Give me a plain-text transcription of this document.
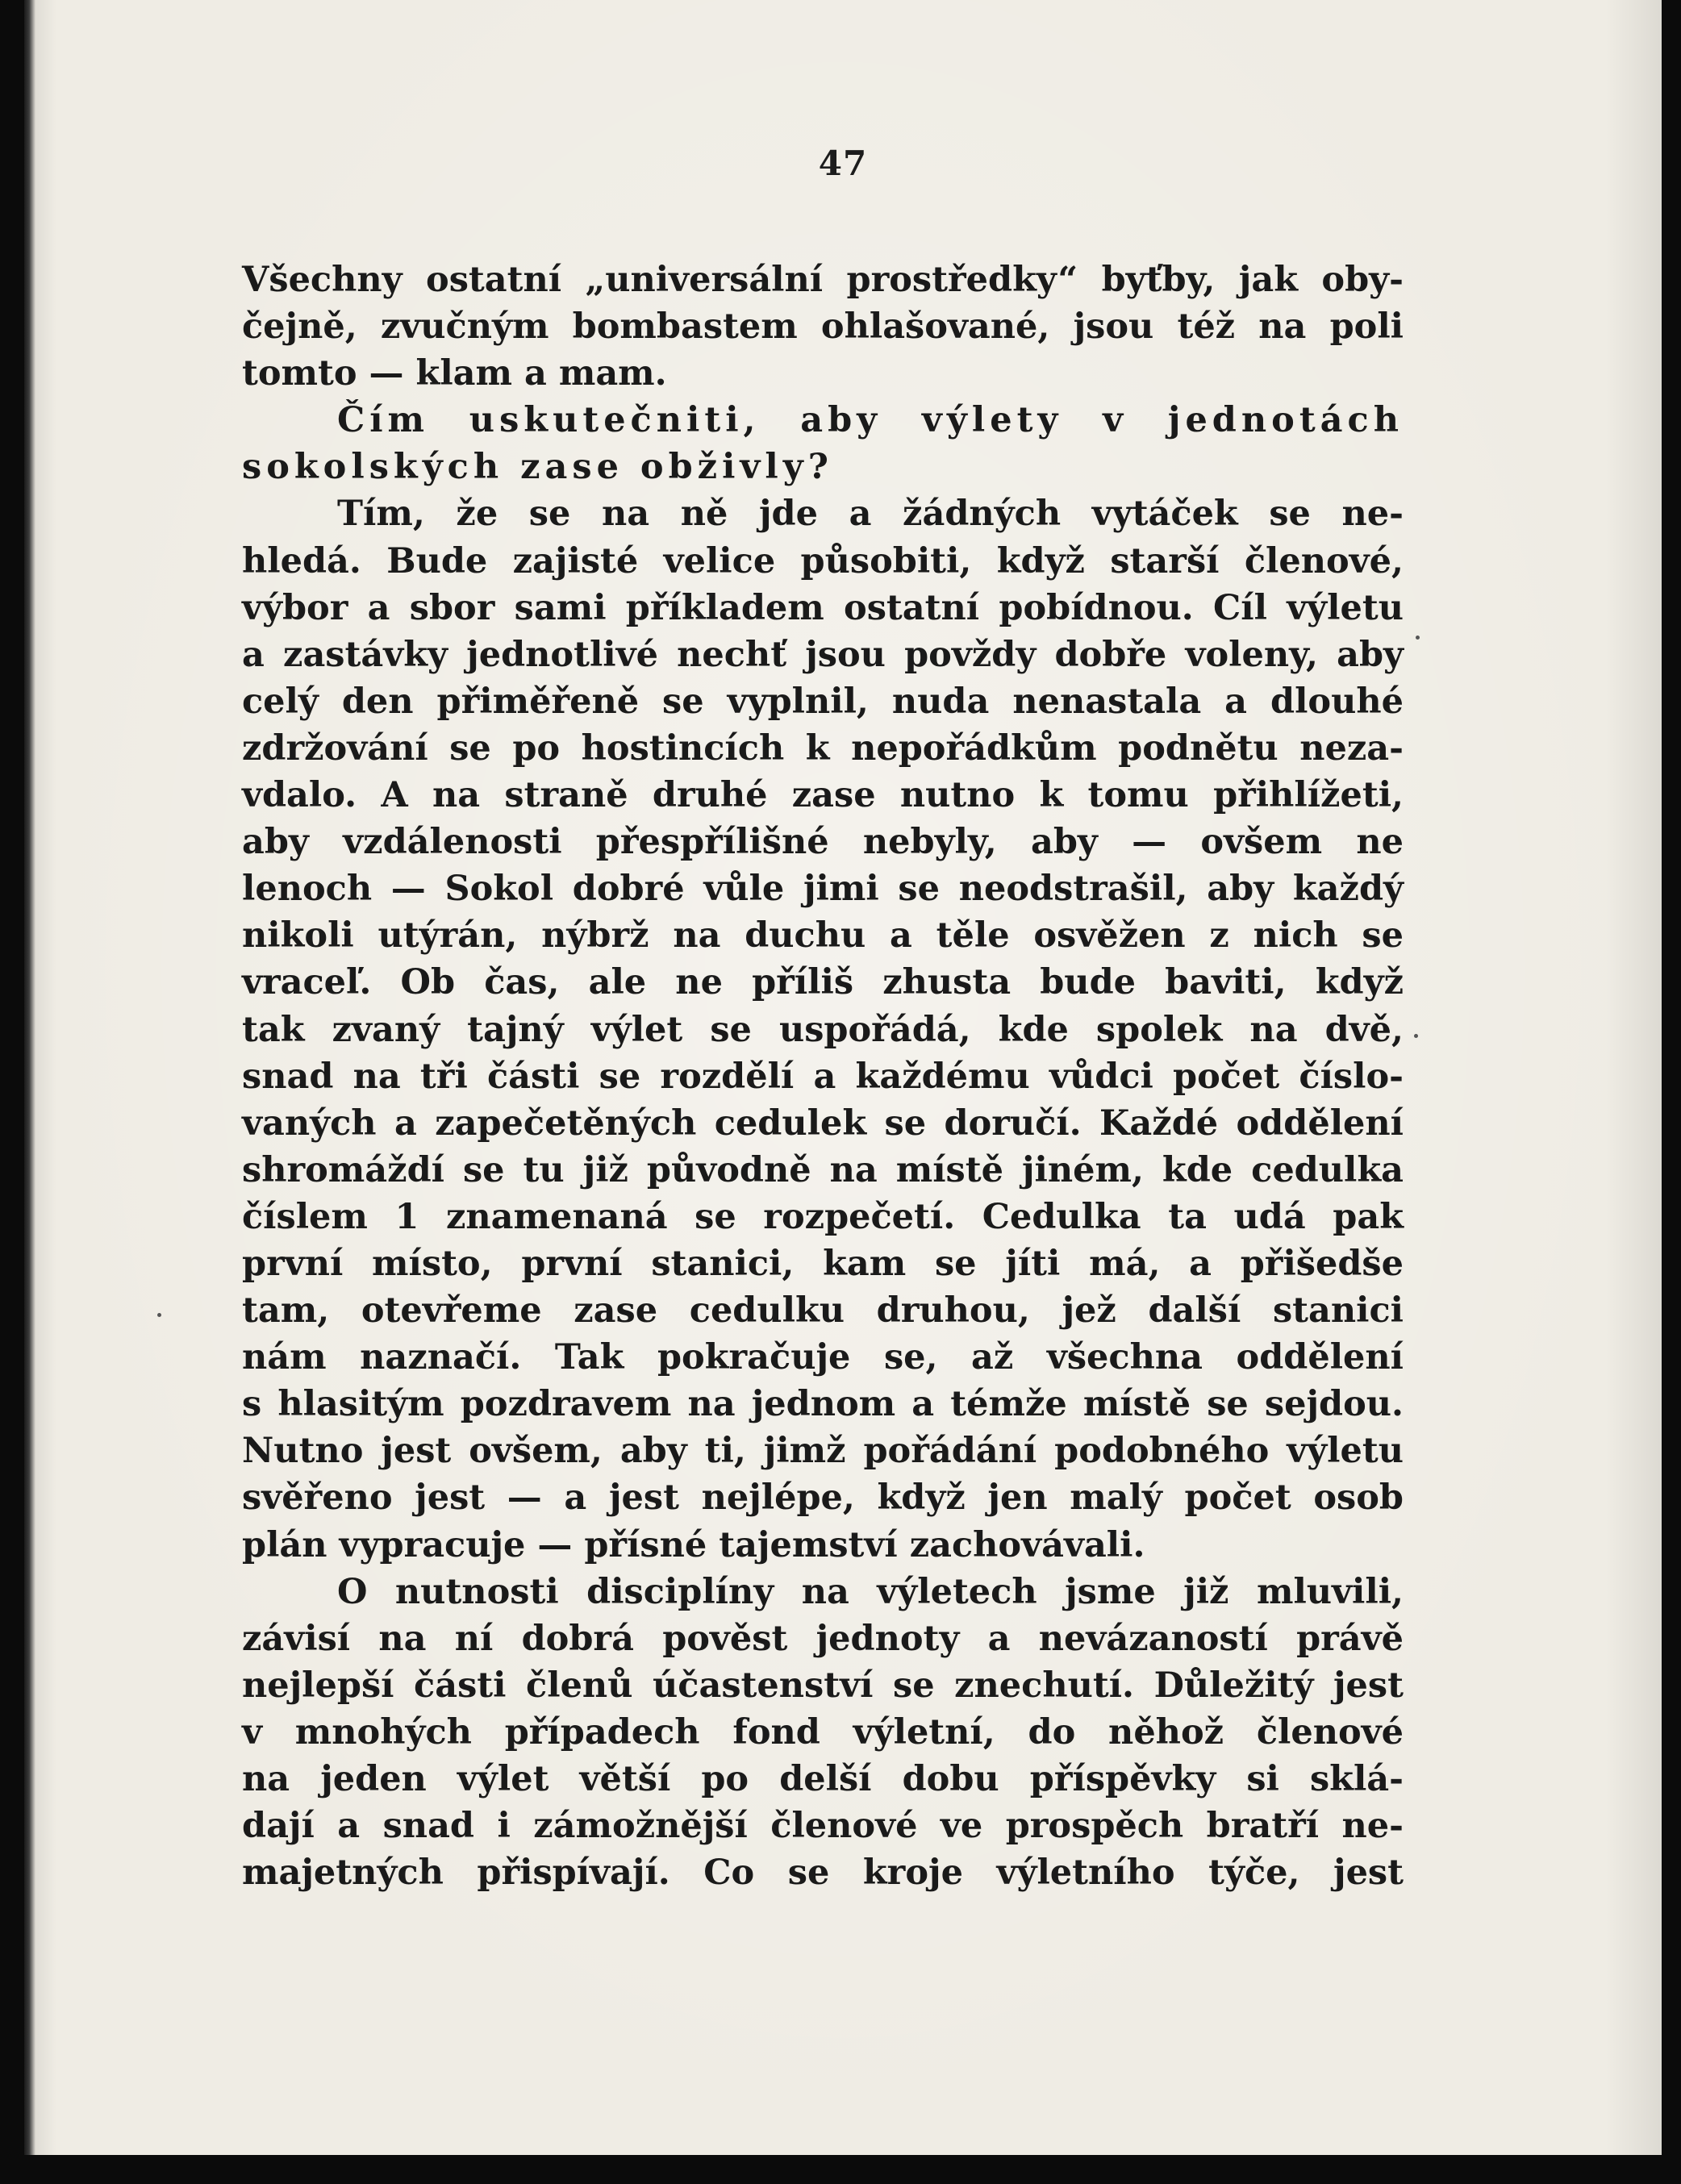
47
Všechny ostatní „universální prostředky“ byťby, jak oby-
čejně, zvučným bombastem ohlašované, jsou též na poli
tomto — klam a mam.
Čím uskutečniti, aby výlety v jednotách
sokolských zase obživly?
Tím, že se na ně jde a žádných vytáček se ne-
hledá. Bude zajisté velice působiti, když starší členové,
výbor a sbor sami příkladem ostatní pobídnou. Cíl výletu
a zastávky jednotlivé nechť jsou povždy dobře voleny, aby
celý den přiměřeně se vyplnil, nuda nenastala a dlouhé
zdržování se po hostincích k nepořádkům podnětu neza-
vdalo. A na straně druhé zase nutno k tomu přihlížeti,
aby vzdálenosti přespřílišné nebyly, aby — ovšem ne
lenoch — Sokol dobré vůle jimi se neodstrašil, aby každý
nikoli utýrán, nýbrž na duchu a těle osvěžen z nich se
vraceľ. Ob čas, ale ne příliš zhusta bude baviti, když
tak zvaný tajný výlet se uspořádá, kde spolek na dvě,
snad na tři části se rozdělí a každému vůdci počet číslo-
vaných a zapečetěných cedulek se doručí. Každé oddělení
shromáždí se tu již původně na místě jiném, kde cedulka
číslem 1 znamenaná se rozpečetí. Cedulka ta udá pak
první místo, první stanici, kam se jíti má, a přišedše
tam, otevřeme zase cedulku druhou, jež další stanici
nám naznačí. Tak pokračuje se, až všechna oddělení
s hlasitým pozdravem na jednom a témže místě se sejdou.
Nutno jest ovšem, aby ti, jimž pořádání podobného výletu
svěřeno jest — a jest nejlépe, když jen malý počet osob
plán vypracuje — přísné tajemství zachovávali.
O nutnosti disciplíny na výletech jsme již mluvili,
závisí na ní dobrá pověst jednoty a nevázaností právě
nejlepší části členů účastenství se znechutí. Důležitý jest
v mnohých případech fond výletní, do něhož členové
na jeden výlet větší po delší dobu příspěvky si sklá-
dají a snad i zámožnější členové ve prospěch bratří ne-
majetných přispívají. Co se kroje výletního týče, jest
